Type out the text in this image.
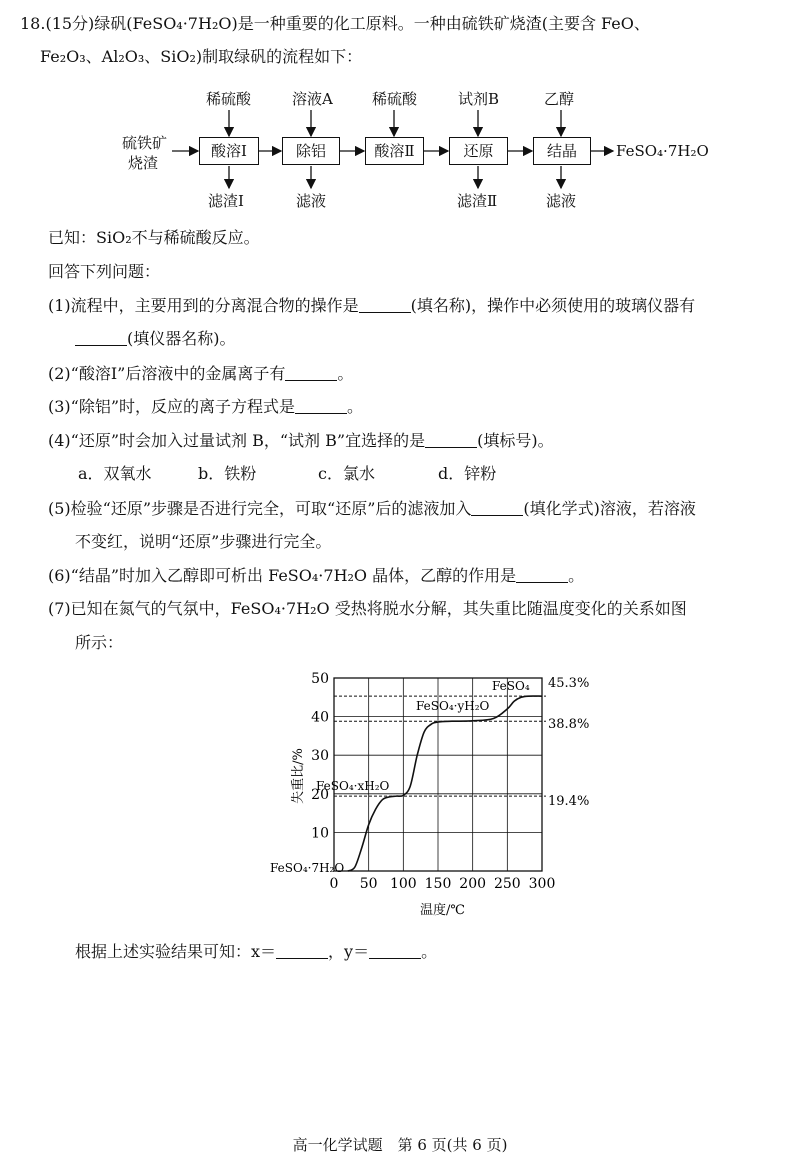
18.(15分)绿矾(FeSO₄·7H₂O)是一种重要的化工原料。一种由硫铁矿烧渣(主要含 FeO、
Fe₂O₃、Al₂O₃、SiO₂)制取绿矾的流程如下：
硫铁矿
烧渣
酸溶Ⅰ	除铝	酸溶Ⅱ	还原	结晶
稀硫酸	溶液A	稀硫酸	试剂B	乙醇
滤渣Ⅰ	滤液	滤渣Ⅱ	滤液
FeSO₄·7H₂O
已知：SiO₂不与稀硫酸反应。
回答下列问题：
(1)流程中，主要用到的分离混合物的操作是	(填名称)，操作中必须使用的玻璃仪器有
(填仪器名称)。
(2)“酸溶Ⅰ”后溶液中的金属离子有	。
(3)“除铝”时，反应的离子方程式是	。
(4)“还原”时会加入过量试剂 B，“试剂 B”宜选择的是	(填标号)。
a．双氧水	b．铁粉	c．氯水	d．锌粉
(5)检验“还原”步骤是否进行完全，可取“还原”后的滤液加入	(填化学式)溶液，若溶液
不变红，说明“还原”步骤进行完全。
(6)“结晶”时加入乙醇即可析出 FeSO₄·7H₂O 晶体，乙醇的作用是	。
(7)已知在氮气的气氛中，FeSO₄·7H₂O 受热将脱水分解，其失重比随温度变化的关系如图
所示：
0 50 100 150 200 250 300
10
20
30
40
50	FeSO₄
FeSO₄·yH₂O
FeSO₄·xH₂O
FeSO₄·7H₂O
45.3%
38.8%
19.4%
温度/℃
失重比/%
根据上述实验结果可知：x＝	，y＝	。
高一化学试题　第 6 页(共 6 页)
